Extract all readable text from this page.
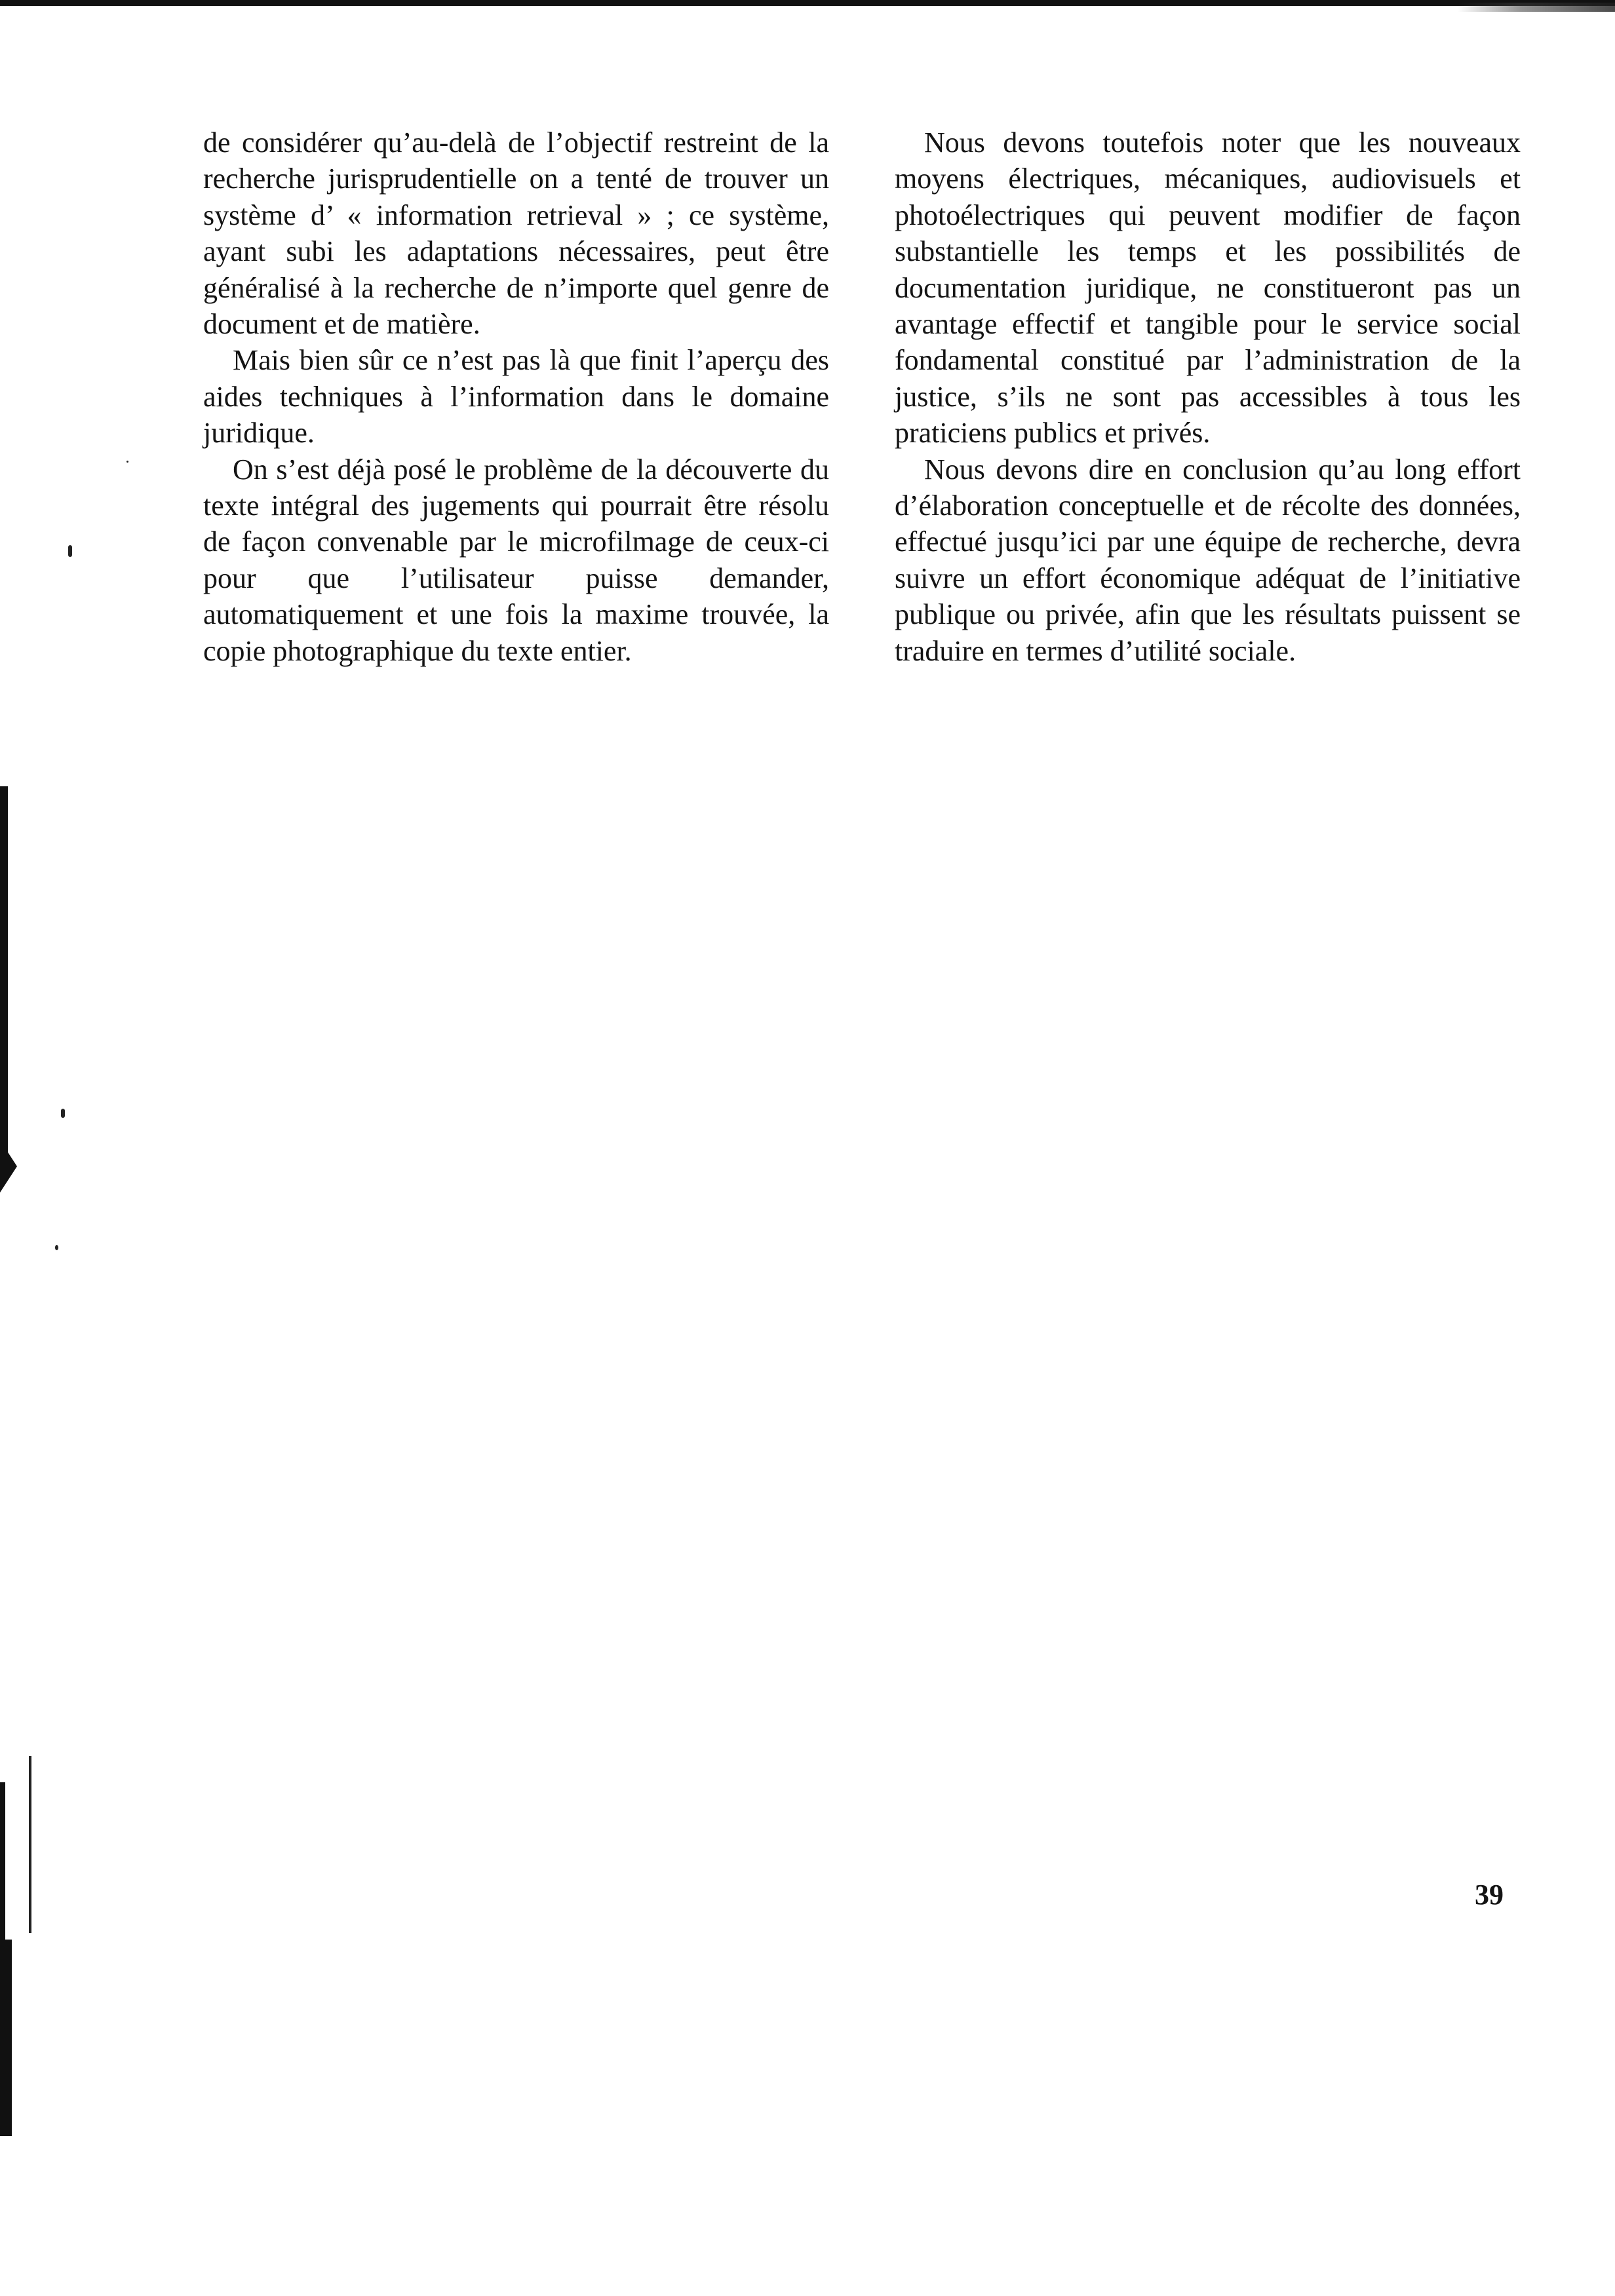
de considérer qu’au-delà de l’objectif restreint de la recherche jurisprudentielle on a tenté de trouver un système d’ « information retrieval » ; ce système, ayant subi les adaptations nécessaires, peut être généralisé à la recherche de n’importe quel genre de document et de matière.

Mais bien sûr ce n’est pas là que finit l’aperçu des aides techniques à l’information dans le domaine juridique.

On s’est déjà posé le problème de la découverte du texte intégral des jugements qui pourrait être résolu de façon convenable par le microfilmage de ceux-ci pour que l’utilisateur puisse demander, automatiquement et une fois la maxime trouvée, la copie photographique du texte entier.

Nous devons toutefois noter que les nouveaux moyens électriques, mécaniques, audiovisuels et photoélectriques qui peuvent modifier de façon substantielle les temps et les possibilités de documentation juridique, ne constitueront pas un avantage effectif et tangible pour le service social fondamental constitué par l’administration de la justice, s’ils ne sont pas accessibles à tous les praticiens publics et privés.

Nous devons dire en conclusion qu’au long effort d’élaboration conceptuelle et de récolte des données, effectué jusqu’ici par une équipe de recherche, devra suivre un effort économique adéquat de l’initiative publique ou privée, afin que les résultats puissent se traduire en termes d’utilité sociale.

39
